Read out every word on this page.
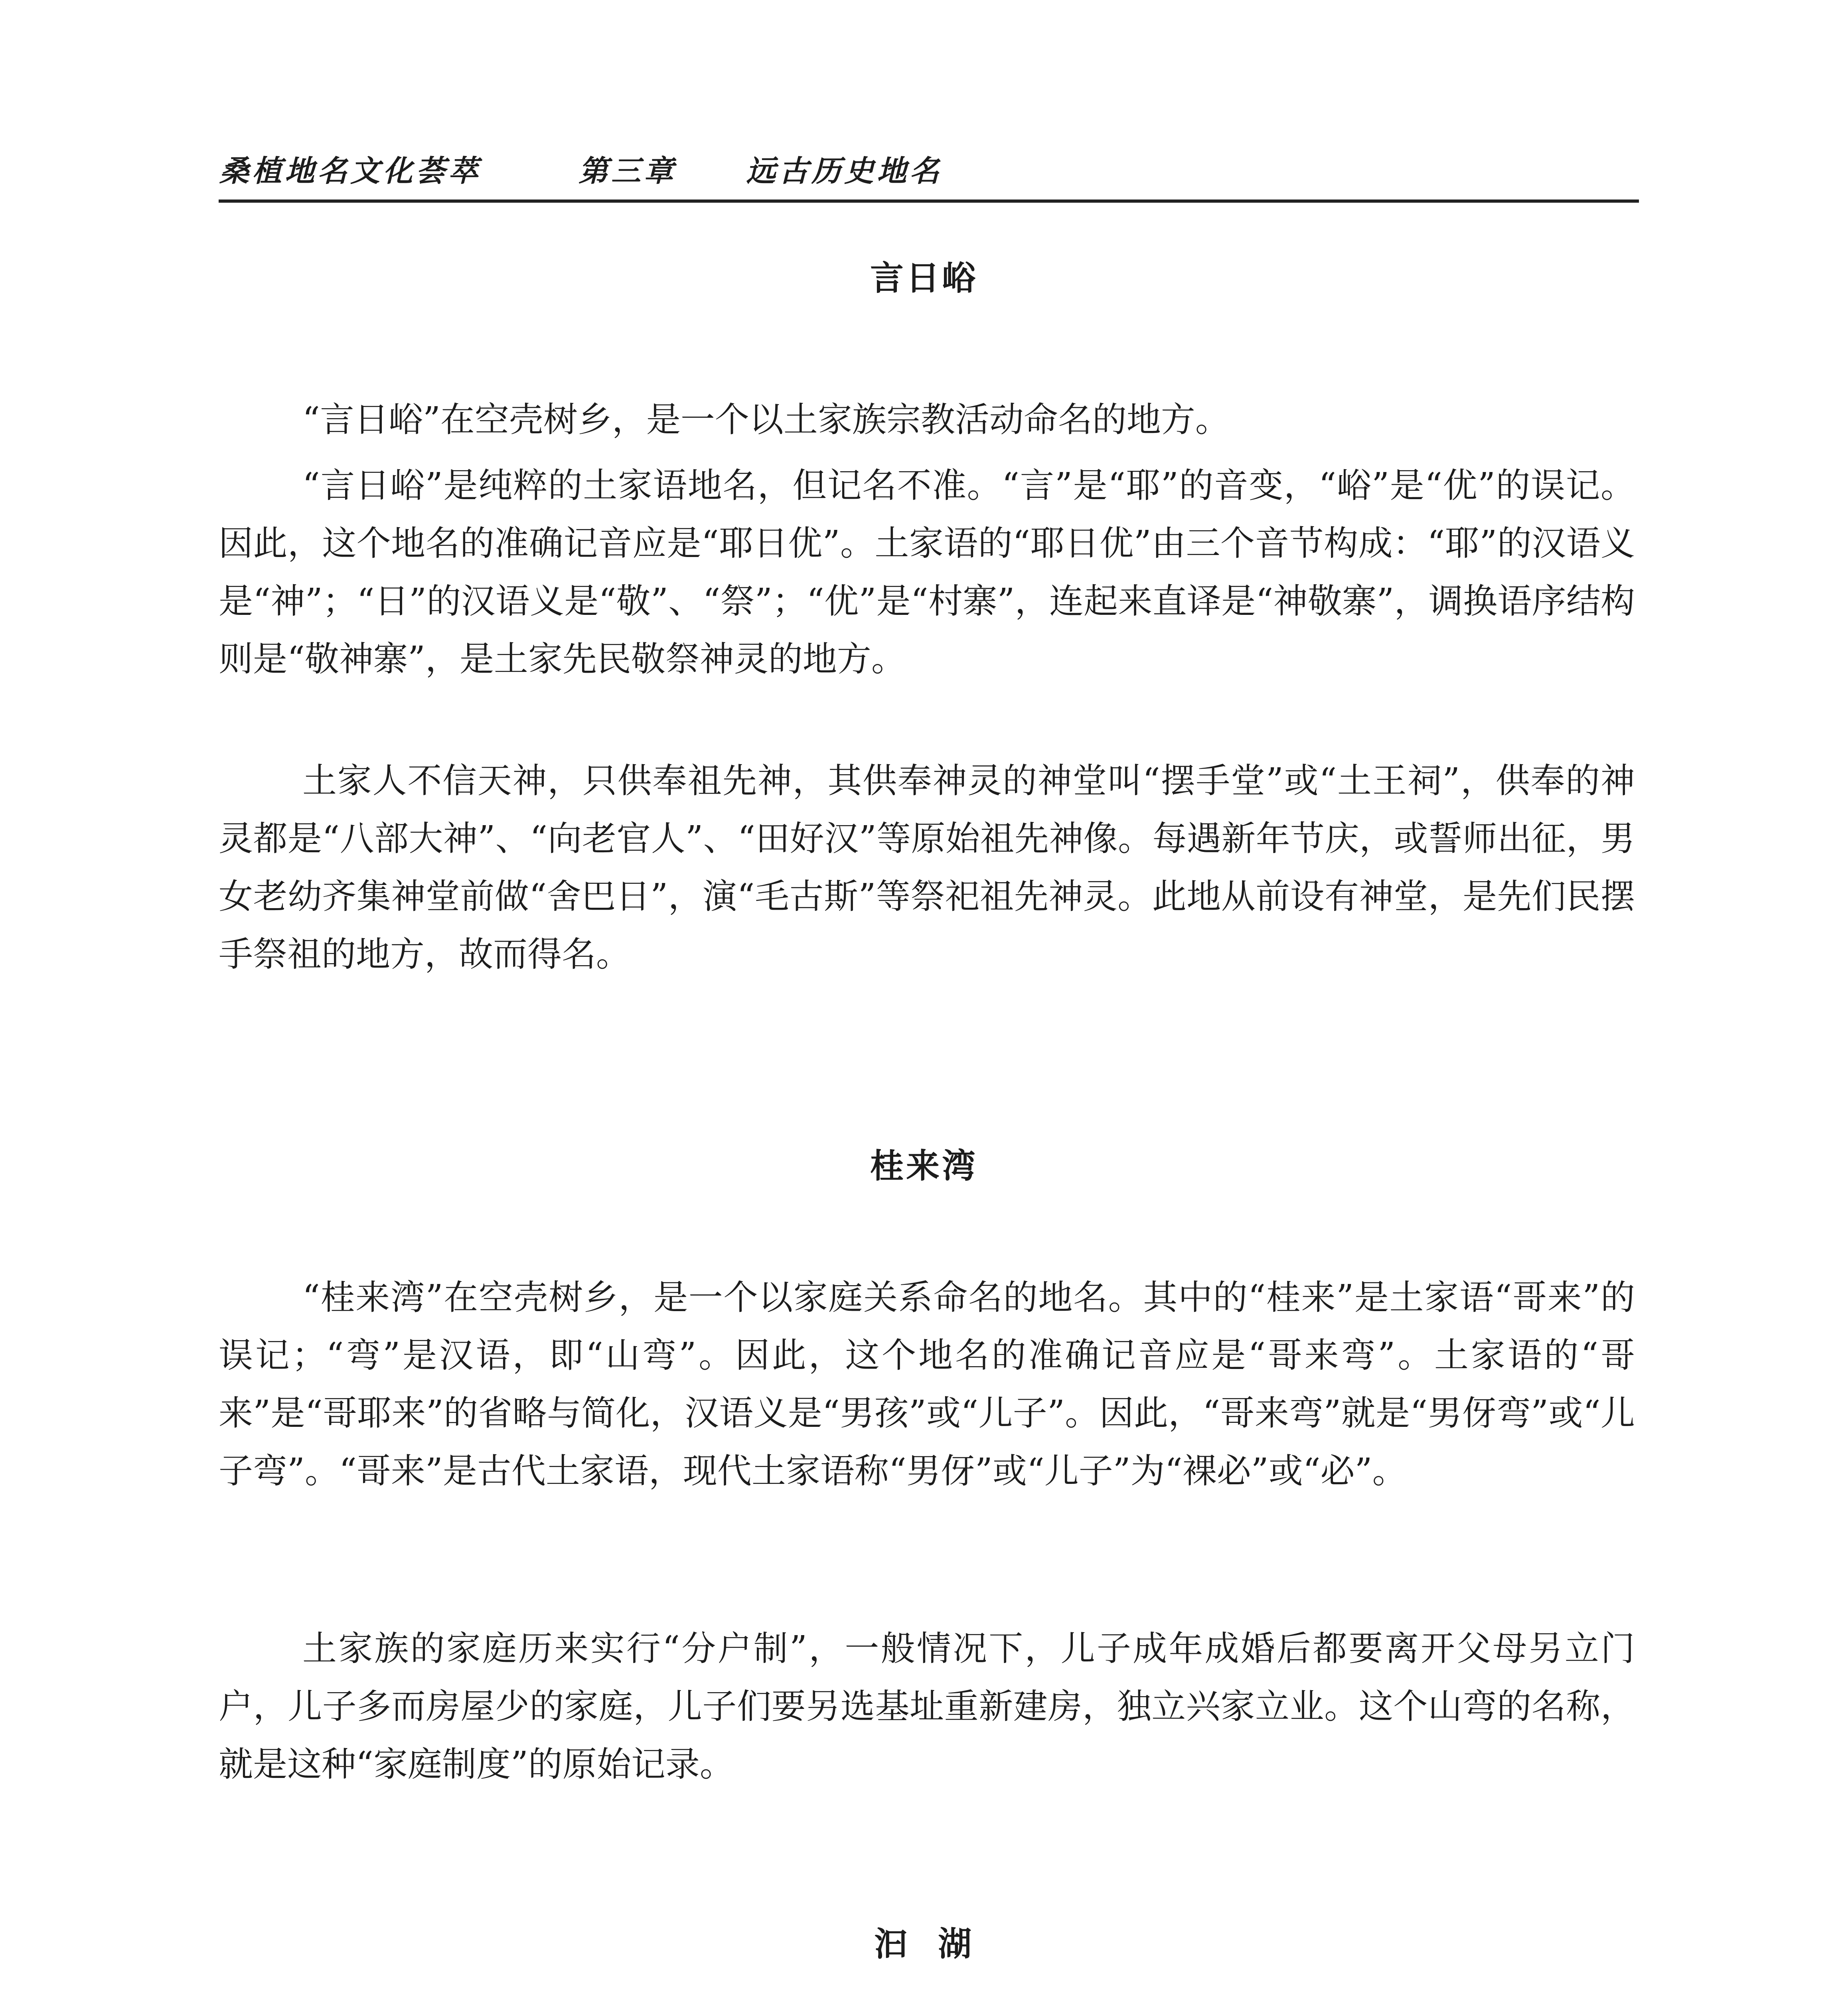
桑植地名文化荟萃	第三章 远古历史地名
言日峪

“言日峪”在空壳树乡，是一个以土家族宗教活动命名的地方。

“言日峪”是纯粹的土家语地名，但记名不准。“言”是“耶”的音变，“峪”是“优”的误记。因此，这个地名的准确记音应是“耶日优”。土家语的“耶日优”由三个音节构成：“耶”的汉语义是“神”；“日”的汉语义是“敬”、“祭”；“优”是“村寨”，连起来直译是“神敬寨”，调换语序结构则是“敬神寨”，是土家先民敬祭神灵的地方。

土家人不信天神，只供奉祖先神，其供奉神灵的神堂叫“摆手堂”或“土王祠”，供奉的神灵都是“八部大神”、“向老官人”、“田好汉”等原始祖先神像。每遇新年节庆，或誓师出征，男女老幼齐集神堂前做“舍巴日”，演“毛古斯”等祭祀祖先神灵。此地从前设有神堂，是先们民摆手祭祖的地方，故而得名。

桂来湾

“桂来湾”在空壳树乡，是一个以家庭关系命名的地名。其中的“桂来”是土家语“哥来”的误记；“弯”是汉语，即“山弯”。因此，这个地名的准确记音应是“哥来弯”。土家语的“哥来”是“哥耶来”的省略与简化，汉语义是“男孩”或“儿子”。因此，“哥来弯”就是“男伢弯”或“儿子弯”。“哥来”是古代土家语，现代土家语称“男伢”或“儿子”为“裸必”或“必”。

土家族的家庭历来实行“分户制”，一般情况下，儿子成年成婚后都要离开父母另立门户，儿子多而房屋少的家庭，儿子们要另选基址重新建房，独立兴家立业。这个山弯的名称，就是这种“家庭制度”的原始记录。

汩  湖
